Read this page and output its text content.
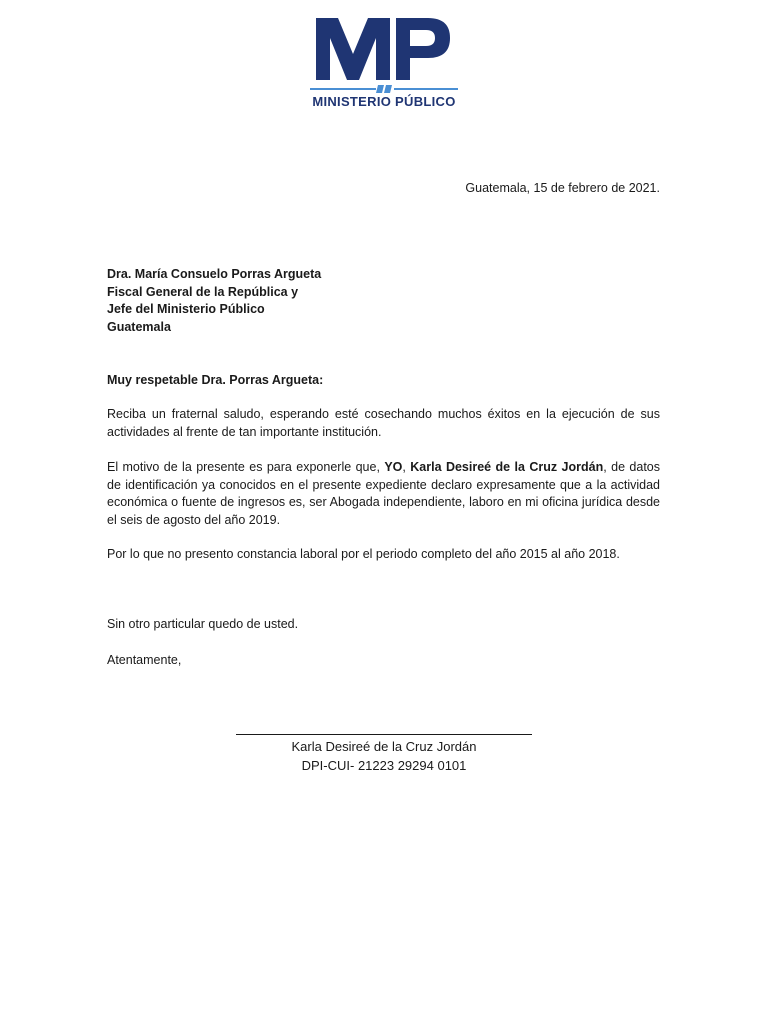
MINISTERIO PÚBLICO
Guatemala, 15 de febrero de 2021.
Dra. María Consuelo Porras Argueta
Fiscal General de la República y
Jefe del Ministerio Público
Guatemala
Muy respetable Dra. Porras Argueta:
Reciba un fraternal saludo, esperando esté cosechando muchos éxitos en la ejecución de sus actividades al frente de tan importante institución.
El motivo de la presente es para exponerle que, YO, Karla Desireé de la Cruz Jordán, de datos de identificación ya conocidos en el presente expediente declaro expresamente que a la actividad económica o fuente de ingresos es, ser Abogada independiente, laboro en mi oficina jurídica desde el seis de agosto del año 2019.
Por lo que no presento constancia laboral por el periodo completo del año 2015 al año 2018.
Sin otro particular quedo de usted.
Atentamente,
Karla Desireé de la Cruz Jordán
DPI-CUI- 21223 29294 0101
